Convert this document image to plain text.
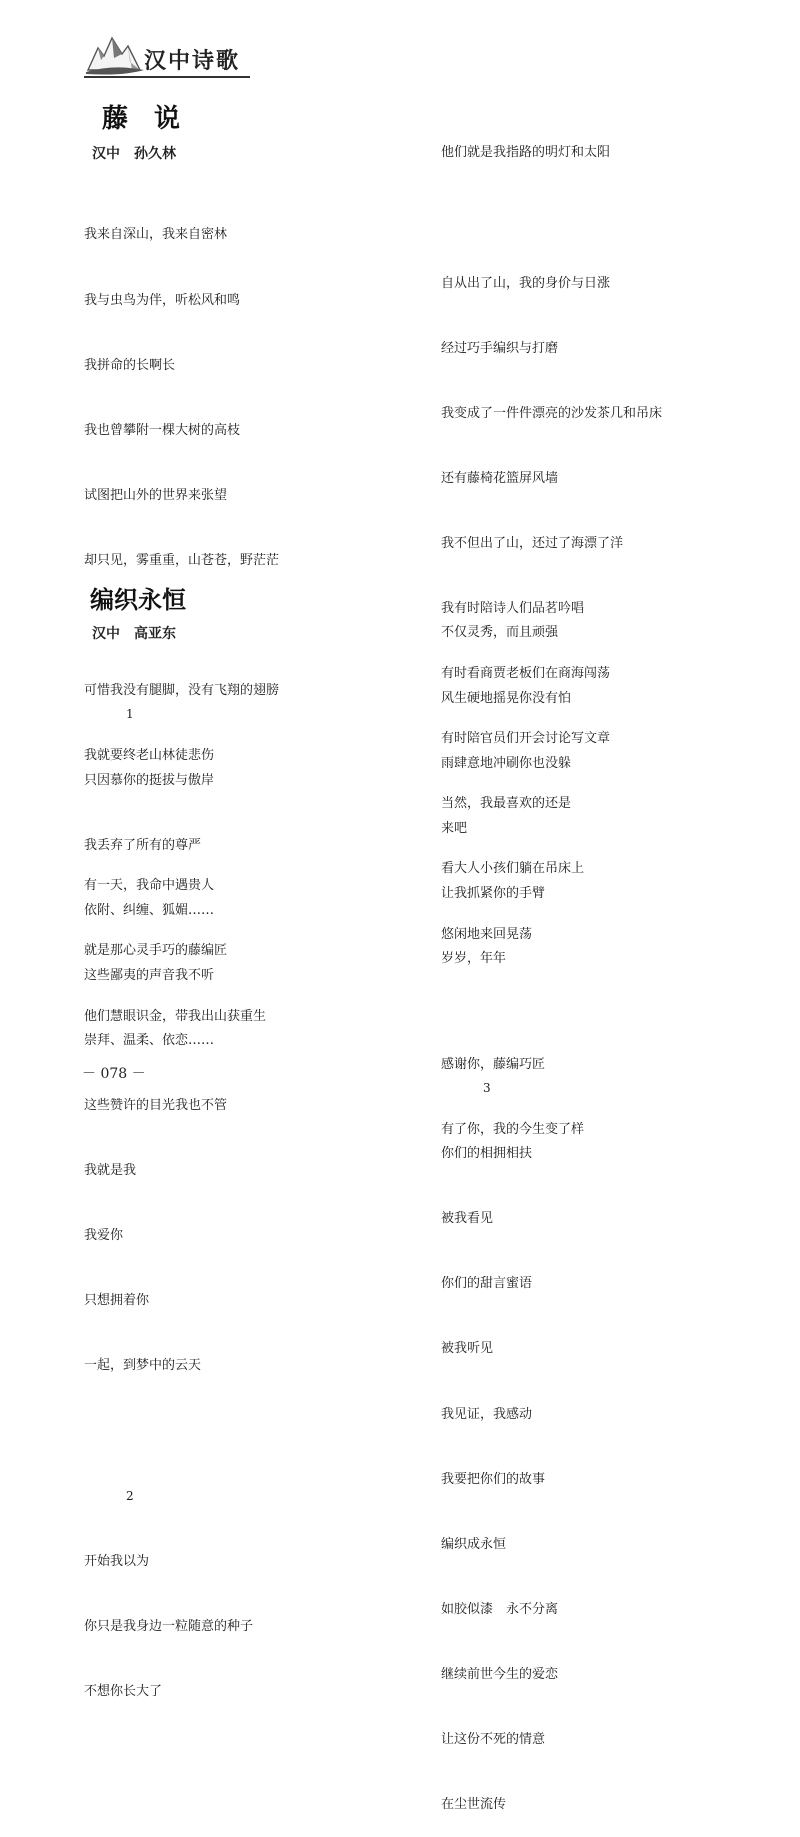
汉中诗歌
藤　说
汉中　孙久林

我来自深山，我来自密林

我与虫鸟为伴，听松风和鸣

我拼命的长啊长

我也曾攀附一棵大树的高枝

试图把山外的世界来张望

却只见，雾重重，山苍苍，野茫茫

可惜我没有腿脚，没有飞翔的翅膀

我就要终老山林徒悲伤

有一天，我命中遇贵人

就是那心灵手巧的藤编匠

他们慧眼识金，带我出山获重生

他们就是我指路的明灯和太阳

自从出了山，我的身价与日涨

经过巧手编织与打磨

我变成了一件件漂亮的沙发茶几和吊床

还有藤椅花篮屏风墙

我不但出了山，还过了海漂了洋

我有时陪诗人们品茗吟唱

有时看商贾老板们在商海闯荡

有时陪官员们开会讨论写文章

当然，我最喜欢的还是

看大人小孩们躺在吊床上

悠闲地来回晃荡

感谢你，藤编巧匠

有了你，我的今生变了样

编织永恒
汉中　高亚东

1

只因慕你的挺拔与傲岸

我丢弃了所有的尊严

依附、纠缠、狐媚……

这些鄙夷的声音我不听

崇拜、温柔、依恋……

这些赞许的目光我也不管

我就是我

我爱你

只想拥着你

一起，到梦中的云天

2

开始我以为

你只是我身边一粒随意的种子

不想你长大了

不仅灵秀，而且顽强

风生硬地摇晃你没有怕

雨肆意地冲刷你也没躲

来吧

让我抓紧你的手臂

岁岁，年年

3

你们的相拥相扶

被我看见

你们的甜言蜜语

被我听见

我见证，我感动

我要把你们的故事

编织成永恒

如胶似漆　永不分离

继续前世今生的爱恋

让这份不死的情意

在尘世流传

－ 078 －
